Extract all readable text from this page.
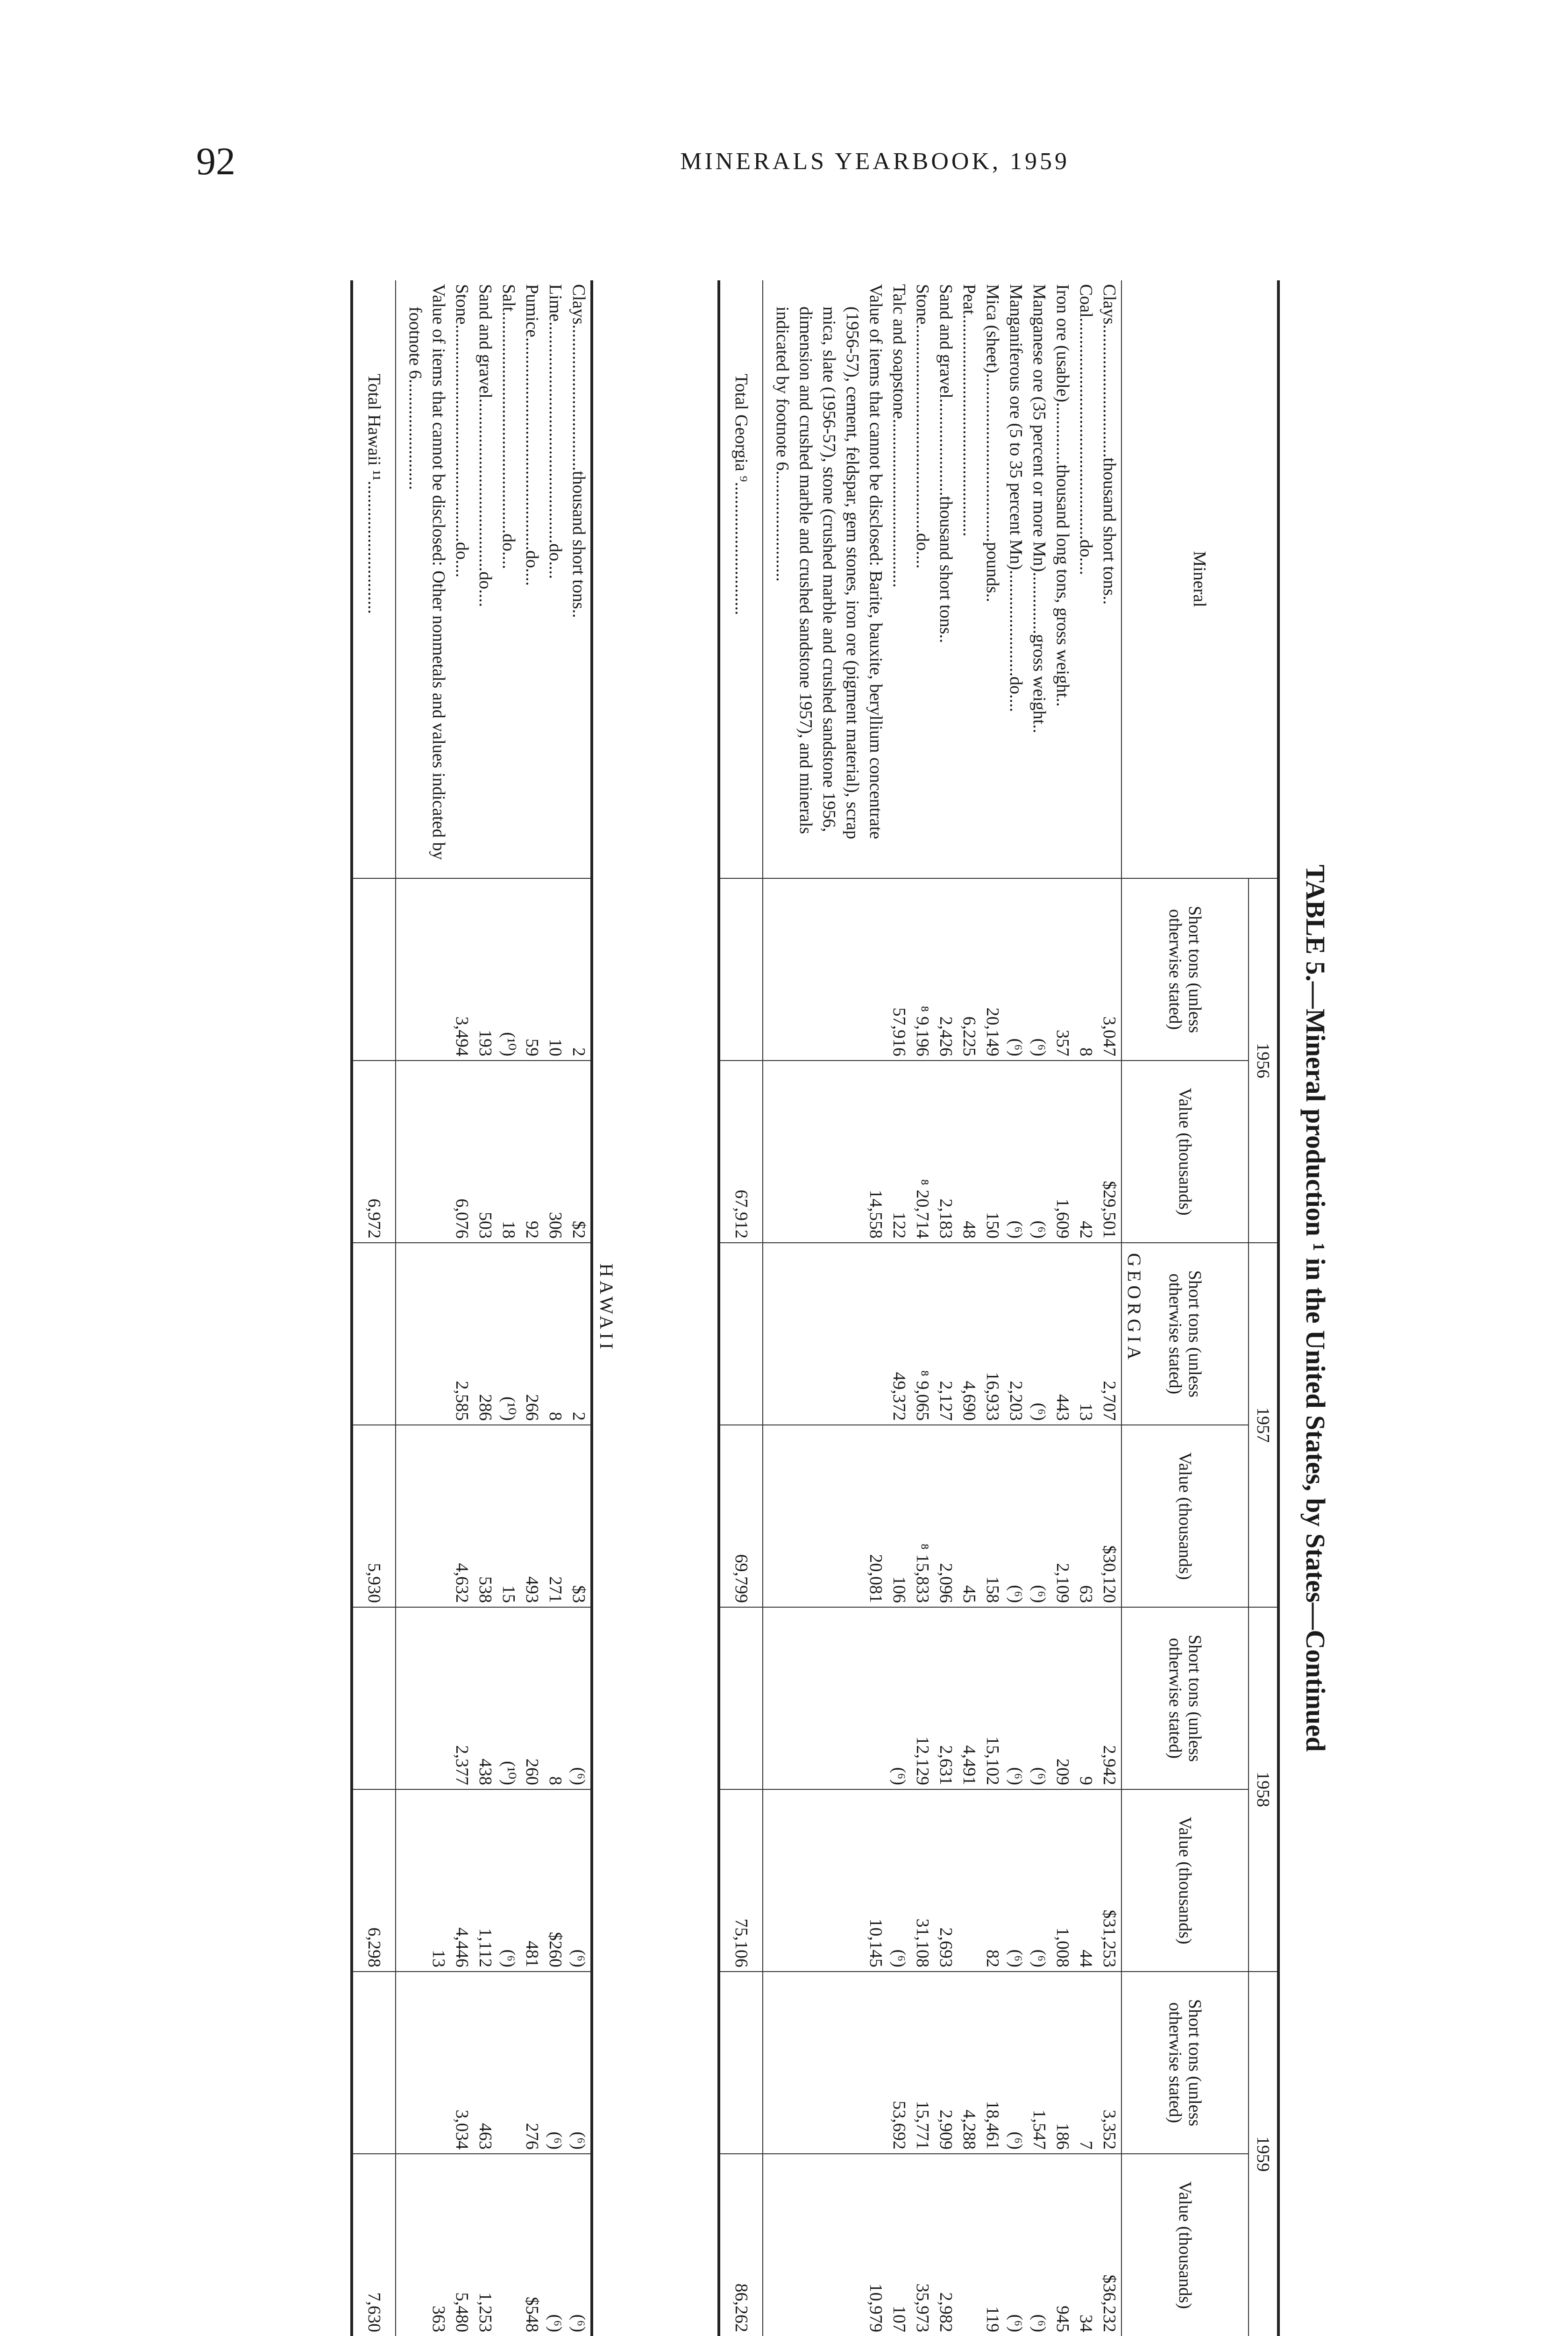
92	MINERALS YEARBOOK, 1959
TABLE 5.—Mineral production ¹ in the United States, by States—Continued
Mineral	1956		1957		1958		1959	
	Short tons (unless otherwise stated)	Value (thousands)	Short tons (unless otherwise stated)	Value (thousands)	Short tons (unless otherwise stated)	Value (thousands)	Short tons (unless otherwise stated)	Value (thousands)
GEORGIA
Clays..............................thousand short tons..	3,047	$29,501	2,707	$30,120	2,942	$31,253	3,352	$36,232
Coal..................................................do....	8	42	13	63	9	44	7	34
Iron ore (usable)..............thousand long tons, gross weight..	357	1,609	443	2,109	209	1,008	186	945
Manganese ore (35 percent or more Mn)..............gross weight..	(⁶)	(⁶)	(⁶)	(⁶)	(⁶)	(⁶)	1,547	(⁶)
Manganiferous ore (5 to 35 percent Mn)........................do....	(⁶)	(⁶)	2,203	(⁶)	(⁶)	(⁶)	(⁶)	(⁶)
Mica (sheet)......................................pounds..	20,149	150	16,933	158	15,102	82	18,461	119
Peat..................................................	6,225	48	4,690	45	4,491		4,288	
Sand and gravel......................thousand short tons..	2,426	2,183	2,127	2,096	2,631	2,693	2,909	2,982
Stone...............................................do....	⁸ 9,196	⁸ 20,714	⁸ 9,065	⁸ 15,833	12,129	31,108	15,771	35,973
Talc and soapstone......................................	57,916	122	49,372	106	(⁶)	(⁶)	53,692	107
Value of items that cannot be disclosed: Barite, bauxite, beryllium concentrate (1956-57), cement, feldspar, gem stones, iron ore (pigment material), scrap mica, slate (1956-57), stone (crushed marble and crushed sandstone 1956, dimension and crushed marble and crushed sandstone 1957), and minerals indicated by footnote 6.........................		14,558		20,081		10,145		10,979

Total Georgia ⁹..............................		67,912		69,799		75,106		86,262
HAWAII
Clays.................................thousand short tons..	2	$2	2	$3	(⁶)	(⁶)	(⁶)	(⁶)
Lime..................................................do....	10	306	8	271	8	$260	(⁶)	(⁶)
Pumice................................................do....	59	92	266	493	260	481	276	$548
Salt..................................................do....	(¹⁰)	18	(¹⁰)	15	(¹⁰)	(⁶)		
Sand and gravel.......................................do....	193	503	286	538	438	1,112	463	1,253
Stone.................................................do....	3,494	6,076	2,585	4,632	2,377	4,446	3,034	5,480
Value of items that cannot be disclosed: Other nonmetals and values indicated by footnote 6.........................						13		363

Total Hawaii ¹¹..............................		6,972		5,930		6,298		7,630
